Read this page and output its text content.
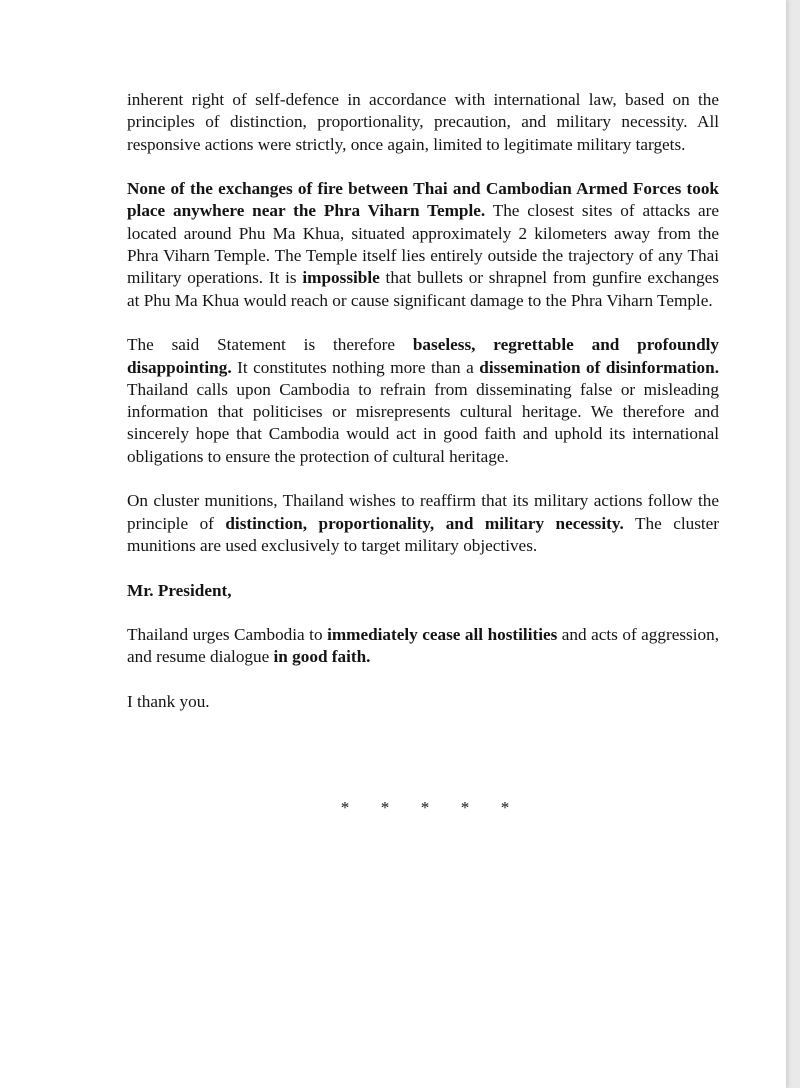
inherent right of self-defence in accordance with international law, based on the principles of distinction, proportionality, precaution, and military necessity. All responsive actions were strictly, once again, limited to legitimate military targets.

None of the exchanges of fire between Thai and Cambodian Armed Forces took place anywhere near the Phra Viharn Temple. The closest sites of attacks are located around Phu Ma Khua, situated approximately 2 kilometers away from the Phra Viharn Temple. The Temple itself lies entirely outside the trajectory of any Thai military operations. It is impossible that bullets or shrapnel from gunfire exchanges at Phu Ma Khua would reach or cause significant damage to the Phra Viharn Temple.

The said Statement is therefore baseless, regrettable and profoundly disappointing. It constitutes nothing more than a dissemination of disinformation. Thailand calls upon Cambodia to refrain from disseminating false or misleading information that politicises or misrepresents cultural heritage. We therefore and sincerely hope that Cambodia would act in good faith and uphold its international obligations to ensure the protection of cultural heritage.

On cluster munitions, Thailand wishes to reaffirm that its military actions follow the principle of distinction, proportionality, and military necessity. The cluster munitions are used exclusively to target military objectives.

Mr. President,

Thailand urges Cambodia to immediately cease all hostilities and acts of aggression, and resume dialogue in good faith.

I thank you.

*	*	*	*	*
